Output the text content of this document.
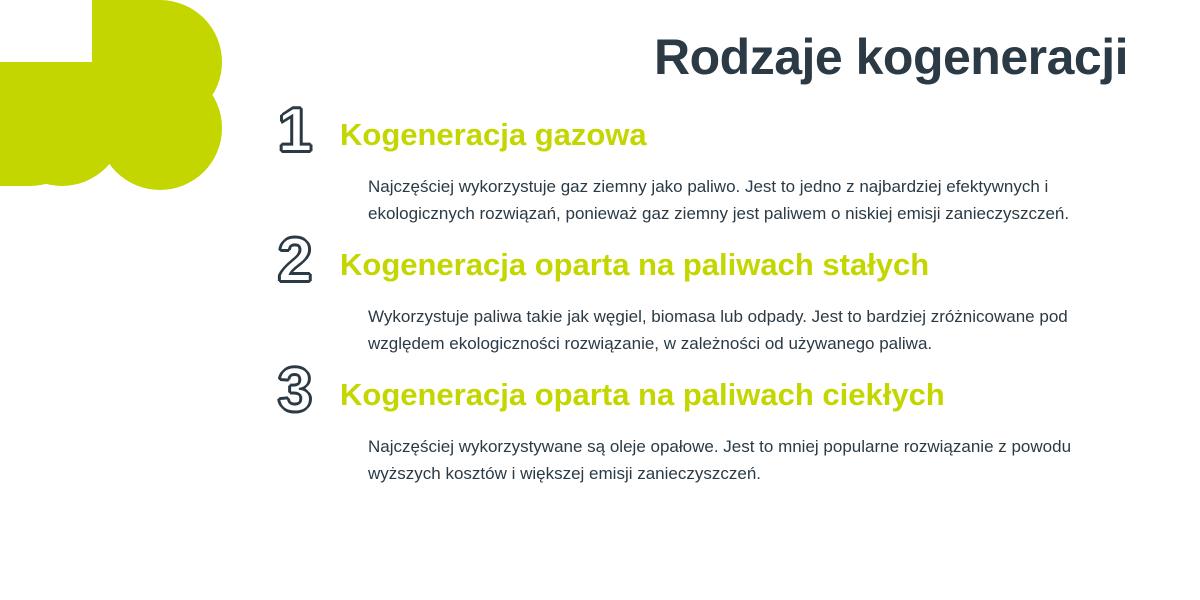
Rodzaje kogeneracji
1 Kogeneracja gazowa
Najczęściej wykorzystuje gaz ziemny jako paliwo. Jest to jedno z najbardziej efektywnych i ekologicznych rozwiązań, ponieważ gaz ziemny jest paliwem o niskiej emisji zanieczyszczeń.
2 Kogeneracja oparta na paliwach stałych
Wykorzystuje paliwa takie jak węgiel, biomasa lub odpady. Jest to bardziej zróżnicowane pod względem ekologiczności rozwiązanie, w zależności od używanego paliwa.
3 Kogeneracja oparta na paliwach ciekłych
Najczęściej wykorzystywane są oleje opałowe. Jest to mniej popularne rozwiązanie z powodu wyższych kosztów i większej emisji zanieczyszczeń.
